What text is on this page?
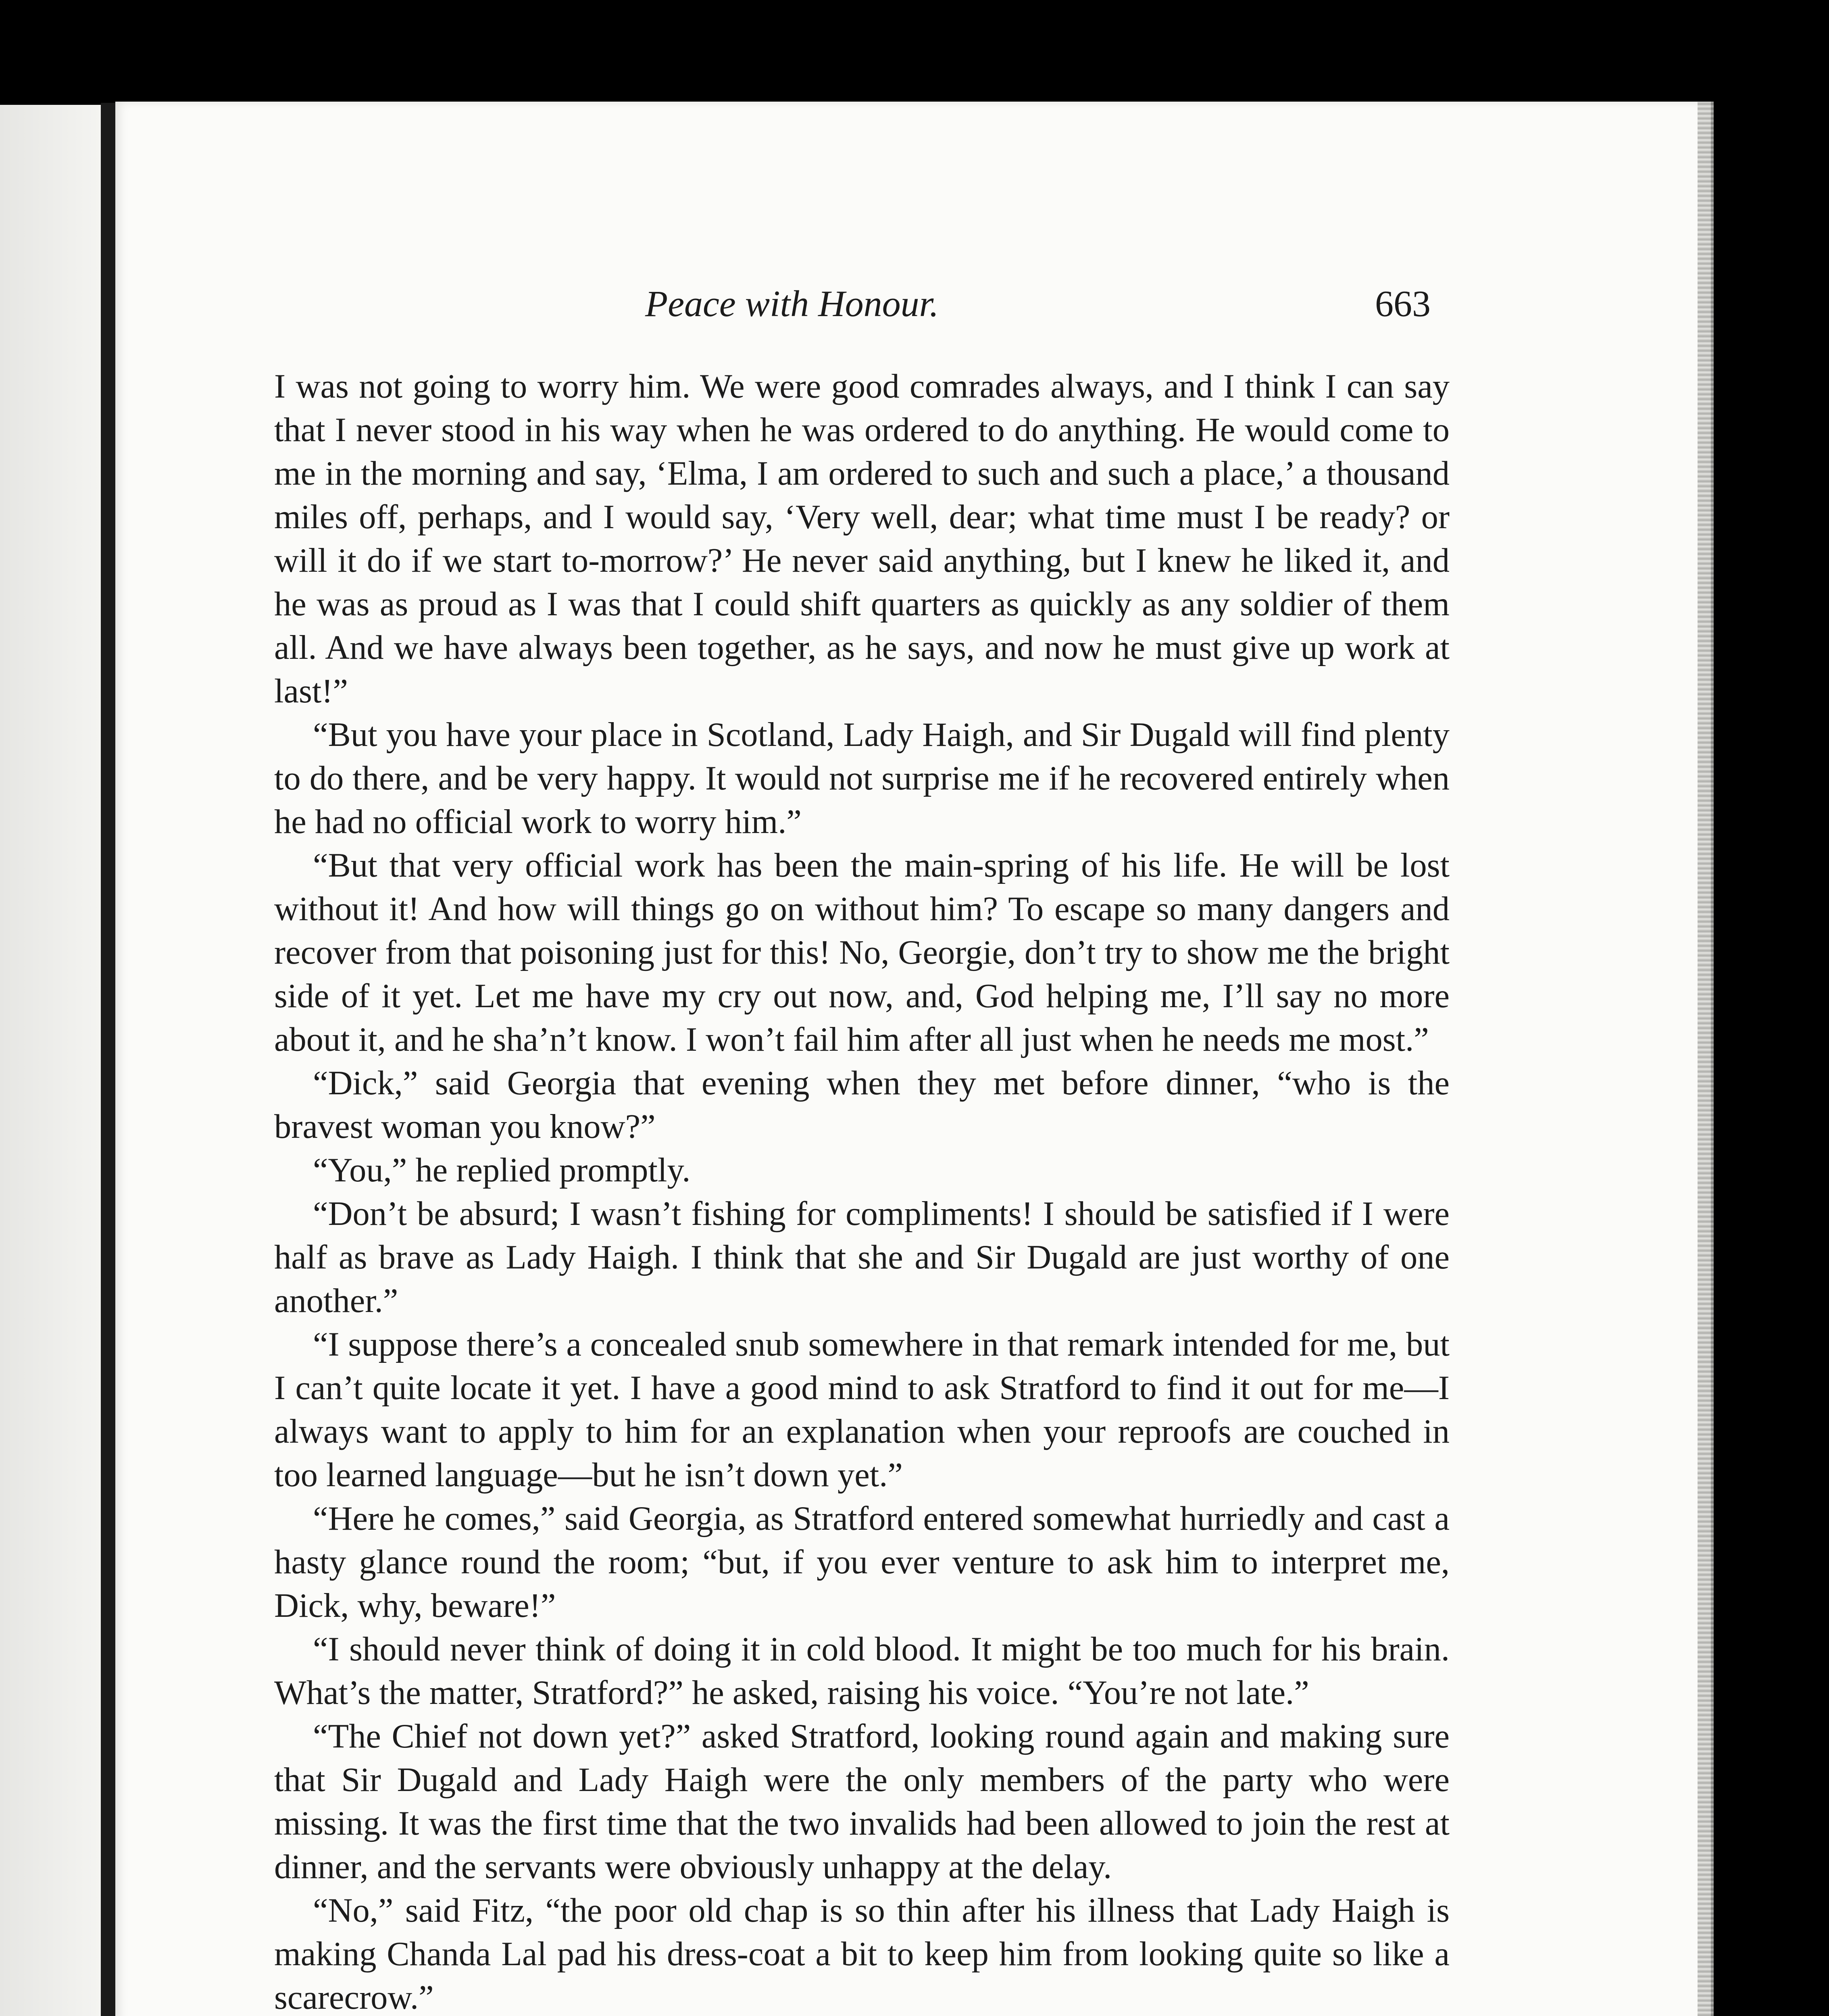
Peace with Honour.	663

I was not going to worry him. We were good comrades always, and I think I can say that I never stood in his way when he was ordered to do anything. He would come to me in the morning and say, ‘Elma, I am ordered to such and such a place,’ a thousand miles off, perhaps, and I would say, ‘Very well, dear; what time must I be ready? or will it do if we start to-morrow?’ He never said anything, but I knew he liked it, and he was as proud as I was that I could shift quarters as quickly as any soldier of them all. And we have always been together, as he says, and now he must give up work at last!”

“But you have your place in Scotland, Lady Haigh, and Sir Dugald will find plenty to do there, and be very happy. It would not surprise me if he recovered entirely when he had no official work to worry him.”

“But that very official work has been the main-spring of his life. He will be lost without it! And how will things go on without him? To escape so many dangers and recover from that poisoning just for this! No, Georgie, don’t try to show me the bright side of it yet. Let me have my cry out now, and, God helping me, I’ll say no more about it, and he sha’n’t know. I won’t fail him after all just when he needs me most.”

“Dick,” said Georgia that evening when they met before dinner, “who is the bravest woman you know?”

“You,” he replied promptly.

“Don’t be absurd; I wasn’t fishing for compliments! I should be satisfied if I were half as brave as Lady Haigh. I think that she and Sir Dugald are just worthy of one another.”

“I suppose there’s a concealed snub somewhere in that remark intended for me, but I can’t quite locate it yet. I have a good mind to ask Stratford to find it out for me—I always want to apply to him for an explanation when your reproofs are couched in too learned language—but he isn’t down yet.”

“Here he comes,” said Georgia, as Stratford entered somewhat hurriedly and cast a hasty glance round the room; “but, if you ever venture to ask him to interpret me, Dick, why, beware!”

“I should never think of doing it in cold blood. It might be too much for his brain. What’s the matter, Stratford?” he asked, raising his voice. “You’re not late.”

“The Chief not down yet?” asked Stratford, looking round again and making sure that Sir Dugald and Lady Haigh were the only members of the party who were missing. It was the first time that the two invalids had been allowed to join the rest at dinner, and the servants were obviously unhappy at the delay.

“No,” said Fitz, “the poor old chap is so thin after his illness that Lady Haigh is making Chanda Lal pad his dress-coat a bit to keep him from looking quite so like a scarecrow.”
